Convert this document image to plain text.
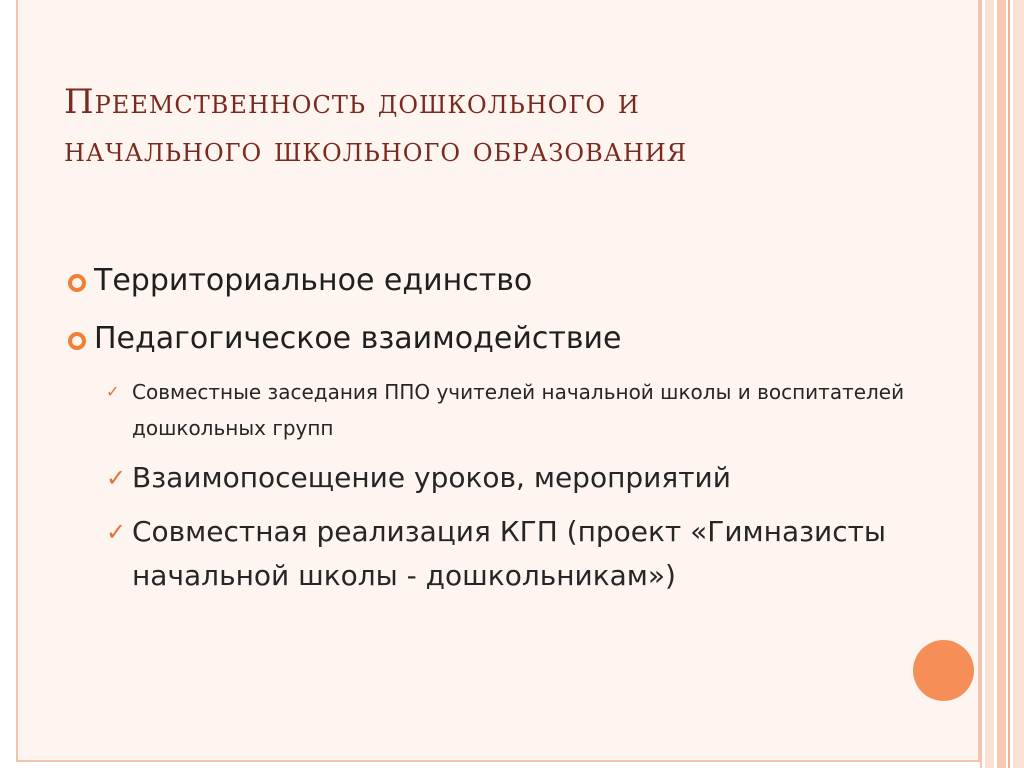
Преемственность дошкольного и
начального школьного образования
Территориальное единство
Педагогическое взаимодействие
✓ Совместные заседания ППО учителей начальной школы и воспитателей дошкольных групп
✓ Взаимопосещение уроков, мероприятий
✓ Совместная реализация КГП (проект «Гимназисты начальной школы - дошкольникам»)
